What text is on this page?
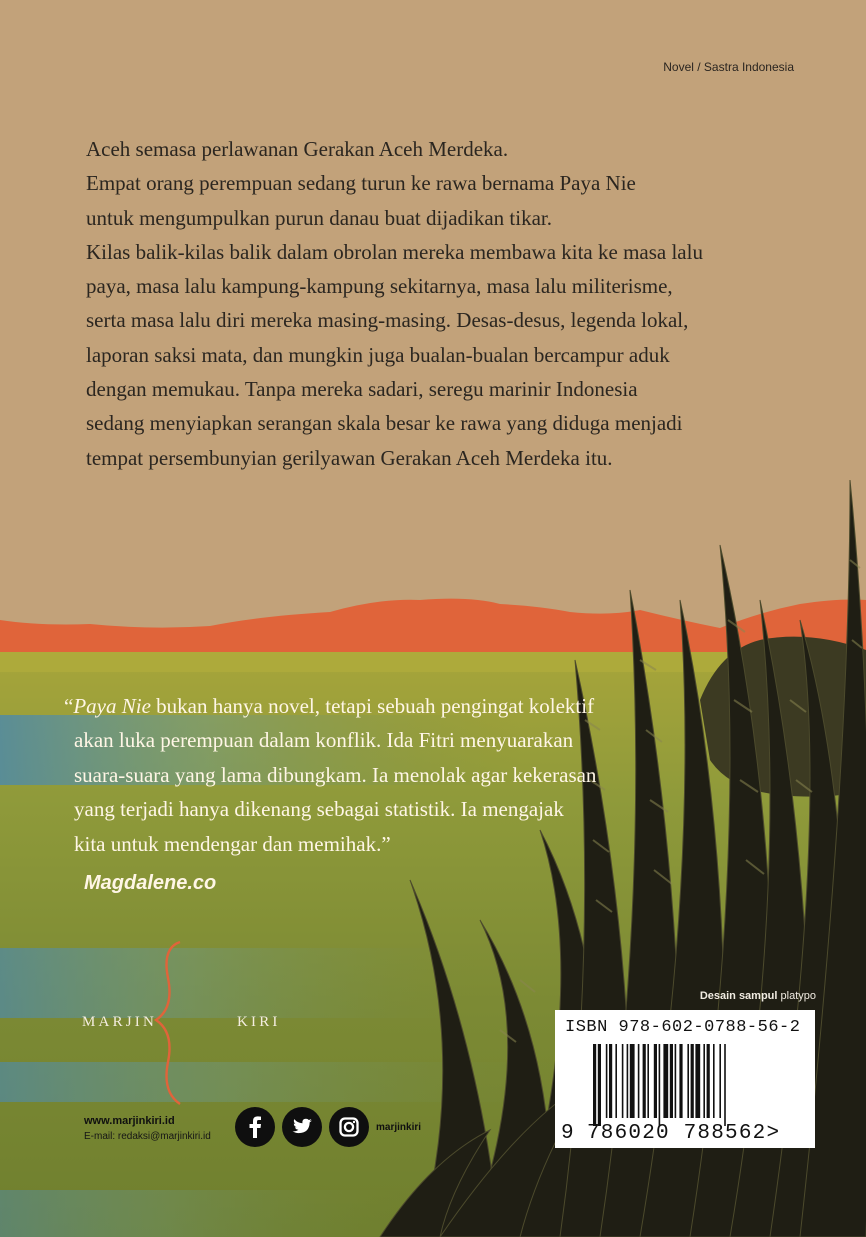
Novel / Sastra Indonesia

Aceh semasa perlawanan Gerakan Aceh Merdeka.

Empat orang perempuan sedang turun ke rawa bernama Paya Nie

untuk mengumpulkan purun danau buat dijadikan tikar.

Kilas balik-kilas balik dalam obrolan mereka membawa kita ke masa lalu

paya, masa lalu kampung-kampung sekitarnya, masa lalu militerisme,

serta masa lalu diri mereka masing-masing. Desas-desus, legenda lokal,

laporan saksi mata, dan mungkin juga bualan-bualan bercampur aduk

dengan memukau. Tanpa mereka sadari, seregu marinir Indonesia

sedang menyiapkan serangan skala besar ke rawa yang diduga menjadi

tempat persembunyian gerilyawan Gerakan Aceh Merdeka itu.

“Paya Nie bukan hanya novel, tetapi sebuah pengingat kolektif

akan luka perempuan dalam konflik. Ida Fitri menyuarakan

suara-suara yang lama dibungkam. Ia menolak agar kekerasan

yang terjadi hanya dikenang sebagai statistik. Ia mengajak

kita untuk mendengar dan memihak.”

Magdalene.co
MARJIN	KIRI
www.marjinkiri.id
E-mail: redaksi@marjinkiri.id
marjinkiri
Desain sampul platypo
ISBN 978-602-0788-56-2
9 786020 788562>
